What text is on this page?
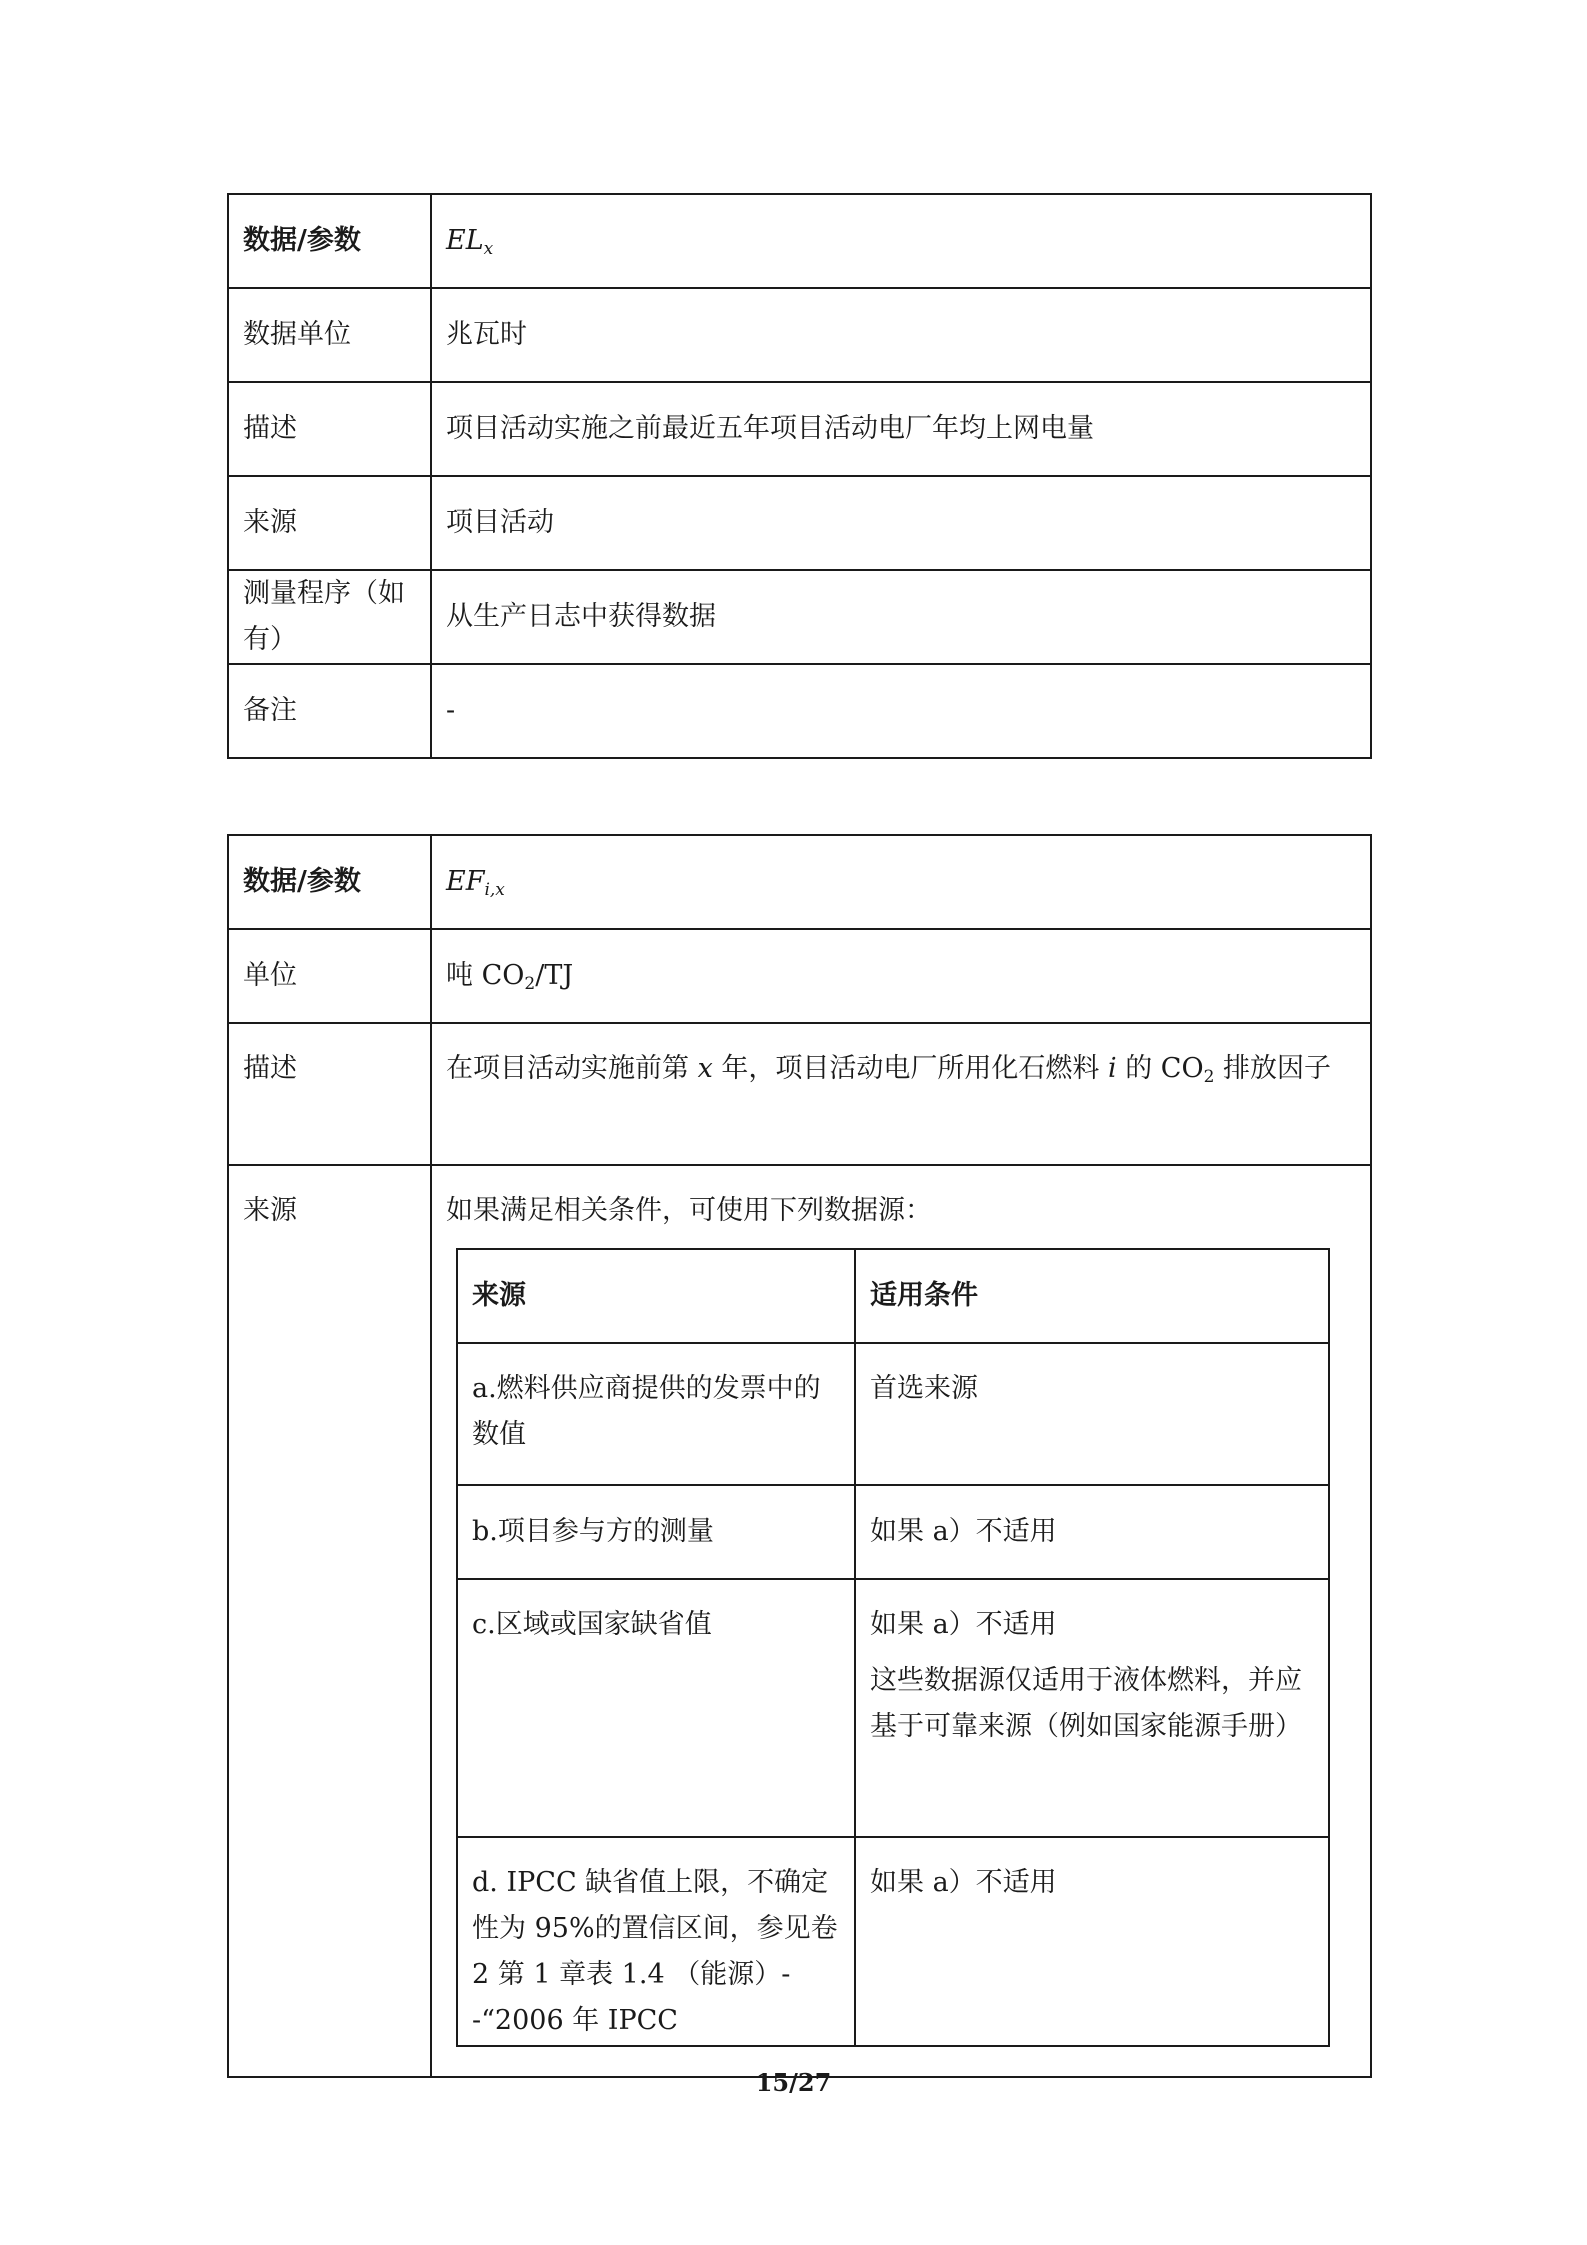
数据/参数	$EL_x$
数据单位	兆瓦时
描述	项目活动实施之前最近五年项目活动电厂年均上网电量
来源	项目活动
测量程序（如有）	从生产日志中获得数据
备注	-
数据/参数	$EF_{i,x}$
单位	吨 $CO_2/TJ$
描述	在项目活动实施前第 x 年，项目活动电厂所用化石燃料 i 的 $CO_2$ 排放因子
来源	如果满足相关条件，可使用下列数据源：
来源	适用条件
a.燃料供应商提供的发票中的数值	首选来源
b.项目参与方的测量	如果 a）不适用
c.区域或国家缺省值	如果 a）不适用
这些数据源仅适用于液体燃料，并应基于可靠来源（例如国家能源手册）

d. IPCC 缺省值上限，不确定性为 95%的置信区间，参见卷 2 第 1 章表 1.4 （能源）--“2006 年 IPCC	如果 a）不适用
15/27
